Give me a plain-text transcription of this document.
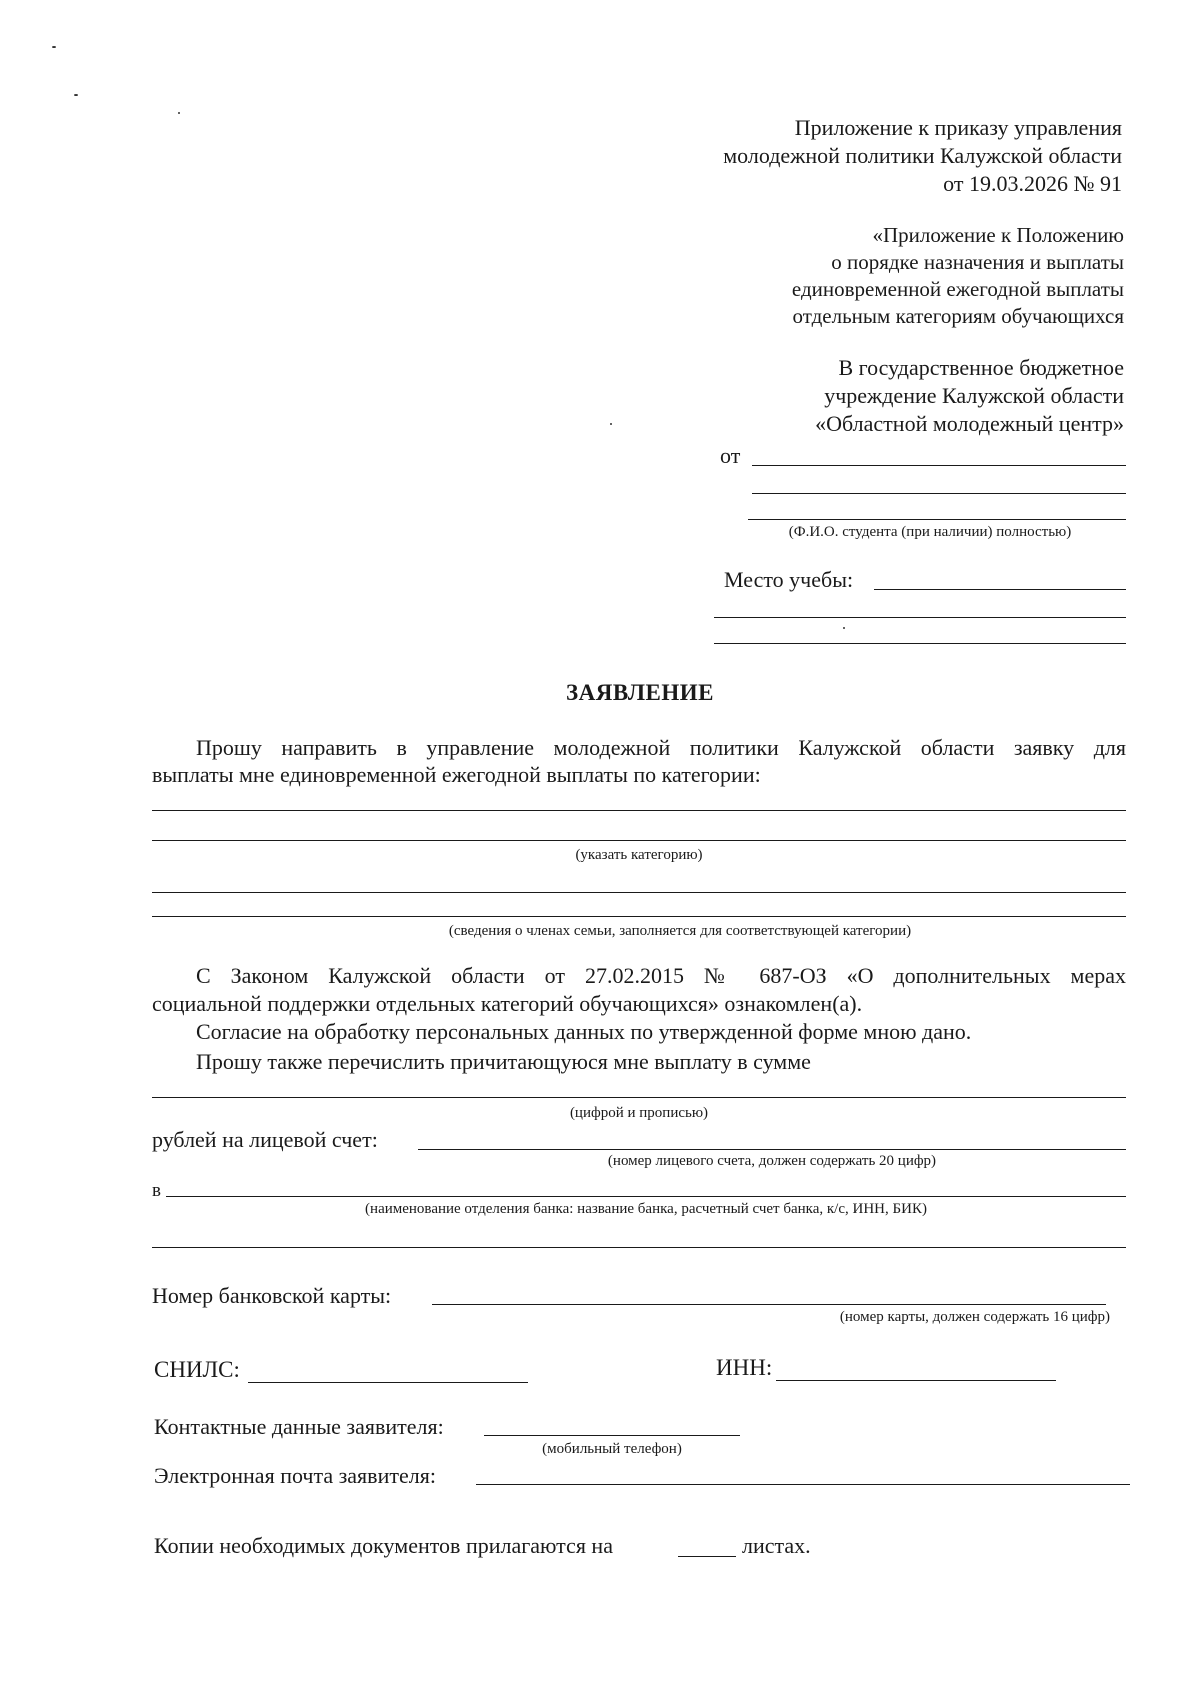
Приложение к приказу управления
молодежной политики Калужской области
от 19.03.2026 № 91
«Приложение к Положению
о порядке назначения и выплаты
единовременной ежегодной выплаты
отдельным категориям обучающихся
В государственное бюджетное
учреждение Калужской области
«Областной молодежный центр»
от
(Ф.И.О. студента (при наличии) полностью)
Место учебы:
ЗАЯВЛЕНИЕ
Прошу направить в управление молодежной политики Калужской области заявку для
выплаты мне единовременной ежегодной выплаты по категории:
(указать категорию)
(сведения о членах семьи, заполняется для соответствующей категории)
С Законом Калужской области от 27.02.2015 № 687-ОЗ «О дополнительных мерах
социальной поддержки отдельных категорий обучающихся» ознакомлен(а).
Согласие на обработку персональных данных по утвержденной форме мною дано.
Прошу также перечислить причитающуюся мне выплату в сумме
(цифрой и прописью)
рублей на лицевой счет:
(номер лицевого счета, должен содержать 20 цифр)
в
(наименование отделения банка: название банка, расчетный счет банка, к/с, ИНН, БИК)
Номер банковской карты:
(номер карты, должен содержать 16 цифр)
СНИЛС:	ИНН:
Контактные данные заявителя:
(мобильный телефон)
Электронная почта заявителя:
Копии необходимых документов прилагаются на	листах.
